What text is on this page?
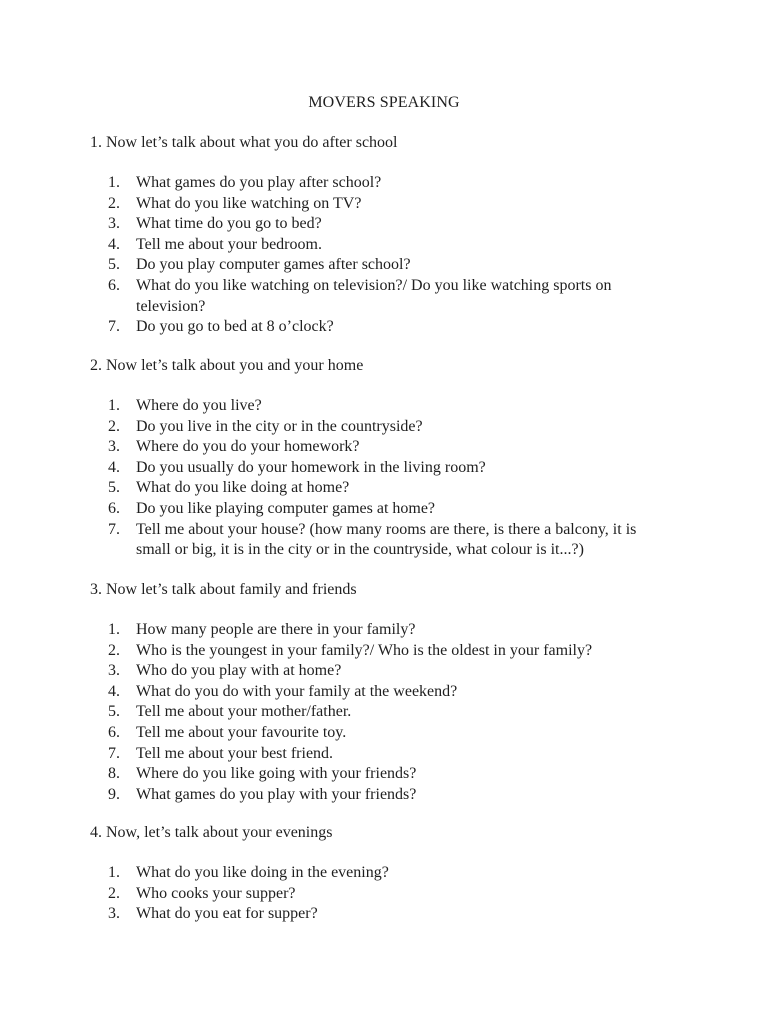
MOVERS SPEAKING
1. Now let’s talk about what you do after school
1.	What games do you play after school?
2.	What do you like watching on TV?
3.	What time do you go to bed?
4.	Tell me about your bedroom.
5.	Do you play computer games after school?
6.	What do you like watching on television?/ Do you like watching sports on television?
7.	Do you go to bed at 8 o’clock?
2. Now let’s talk about you and your home
1.	Where do you live?
2.	Do you live in the city or in the countryside?
3.	Where do you do your homework?
4.	Do you usually do your homework in the living room?
5.	What do you like doing at home?
6.	Do you like playing computer games at home?
7.	Tell me about your house? (how many rooms are there, is there a balcony, it is small or big, it is in the city or in the countryside, what colour is it...?)
3. Now let’s talk about family and friends
1.	How many people are there in your family?
2.	Who is the youngest in your family?/ Who is the oldest in your family?
3.	Who do you play with at home?
4.	What do you do with your family at the weekend?
5.	Tell me about your mother/father.
6.	Tell me about your favourite toy.
7.	Tell me about your best friend.
8.	Where do you like going with your friends?
9.	What games do you play with your friends?
4. Now, let’s talk about your evenings
1.	What do you like doing in the evening?
2.	Who cooks your supper?
3.	What do you eat for supper?
